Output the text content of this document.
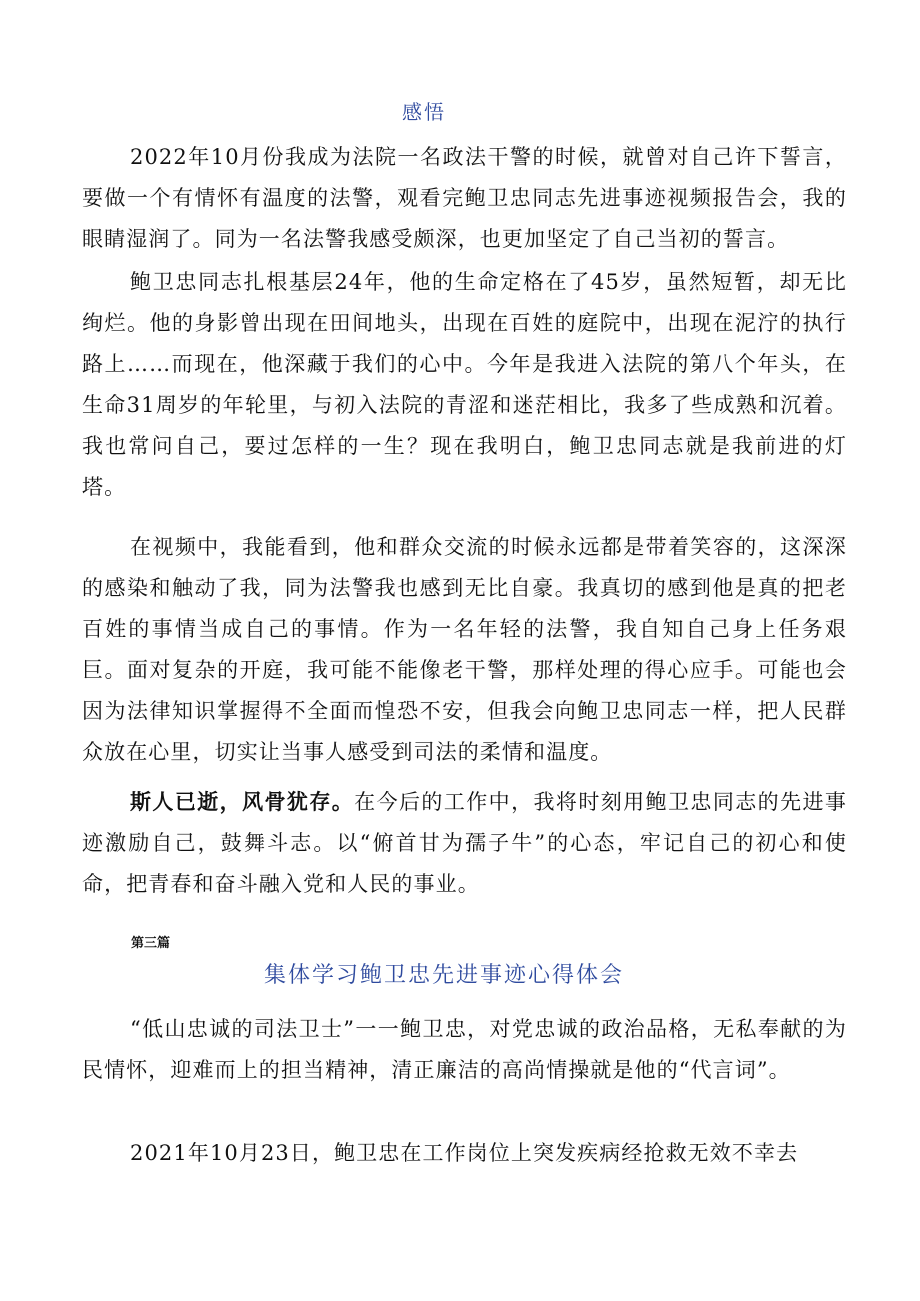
感悟

2022年10月份我成为法院一名政法干警的时候，就曾对自己许下誓言，要做一个有情怀有温度的法警，观看完鲍卫忠同志先进事迹视频报告会，我的眼睛湿润了。同为一名法警我感受颇深，也更加坚定了自己当初的誓言。

鲍卫忠同志扎根基层24年，他的生命定格在了45岁，虽然短暂，却无比绚烂。他的身影曾出现在田间地头，出现在百姓的庭院中，出现在泥泞的执行路上……而现在，他深藏于我们的心中。今年是我进入法院的第八个年头，在生命31周岁的年轮里，与初入法院的青涩和迷茫相比，我多了些成熟和沉着。我也常问自己，要过怎样的一生？现在我明白，鲍卫忠同志就是我前进的灯塔。

在视频中，我能看到，他和群众交流的时候永远都是带着笑容的，这深深的感染和触动了我，同为法警我也感到无比自豪。我真切的感到他是真的把老百姓的事情当成自己的事情。作为一名年轻的法警，我自知自己身上任务艰巨。面对复杂的开庭，我可能不能像老干警，那样处理的得心应手。可能也会因为法律知识掌握得不全面而惶恐不安，但我会向鲍卫忠同志一样，把人民群众放在心里，切实让当事人感受到司法的柔情和温度。

斯人已逝，风骨犹存。在今后的工作中，我将时刻用鲍卫忠同志的先进事迹激励自己，鼓舞斗志。以“俯首甘为孺子牛”的心态，牢记自己的初心和使命，把青春和奋斗融入党和人民的事业。

第三篇
集体学习鲍卫忠先进事迹心得体会

“低山忠诚的司法卫士”一一鲍卫忠，对党忠诚的政治品格，无私奉献的为民情怀，迎难而上的担当精神，清正廉洁的高尚情操就是他的“代言词”。

2021年10月23日，鲍卫忠在工作岗位上突发疾病经抢救无效不幸去
